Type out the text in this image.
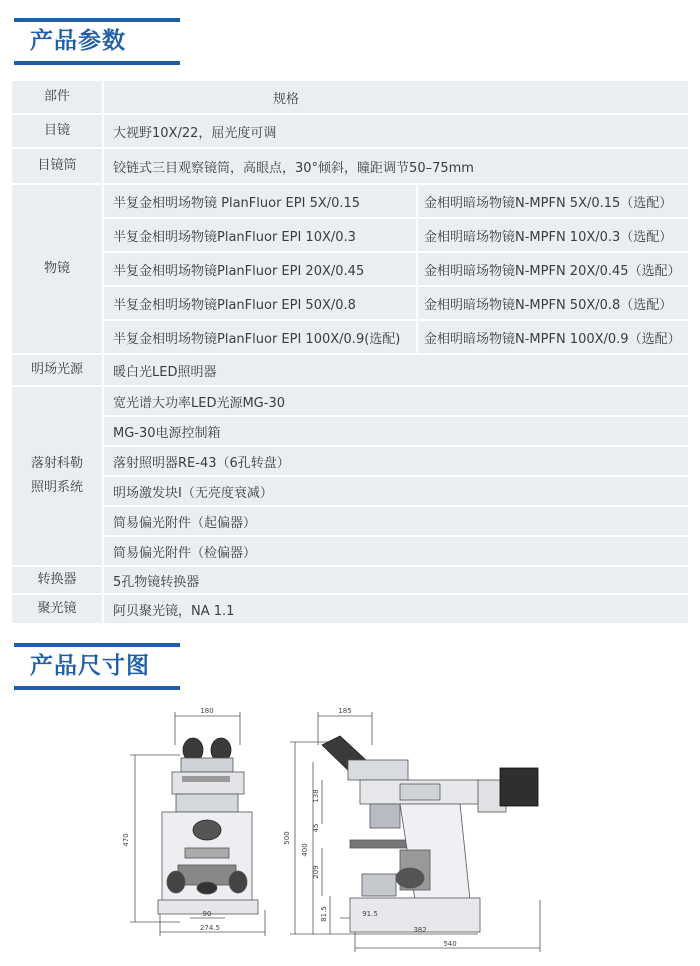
产品参数
部件	规格
目镜	大视野10X/22，屈光度可调
目镜筒	铰链式三目观察镜筒，高眼点，30°倾斜，瞳距调节50–75mm
物镜
半复金相明场物镜 PlanFluor EPI 5X/0.15	金相明暗场物镜N-MPFN 5X/0.15（选配）
半复金相明场物镜PlanFluor EPI 10X/0.3	金相明暗场物镜N-MPFN 10X/0.3（选配）
半复金相明场物镜PlanFluor EPI 20X/0.45	金相明暗场物镜N-MPFN 20X/0.45（选配）
半复金相明场物镜PlanFluor EPI 50X/0.8	金相明暗场物镜N-MPFN 50X/0.8（选配）
半复金相明场物镜PlanFluor EPI 100X/0.9(选配)	金相明暗场物镜N-MPFN 100X/0.9（选配）
明场光源	暖白光LED照明器
落射科勒
照明系统
宽光谱大功率LED光源MG-30
MG-30电源控制箱
落射照明器RE-43（6孔转盘）
明场激发块I（无亮度衰减）
简易偏光附件（起偏器）
简易偏光附件（检偏器）
转换器	5孔物镜转换器
聚光镜	阿贝聚光镜，NA 1.1
产品尺寸图
180
470
90
274.5
185
500
400
138
45
209
81.5	91.5
382
540
